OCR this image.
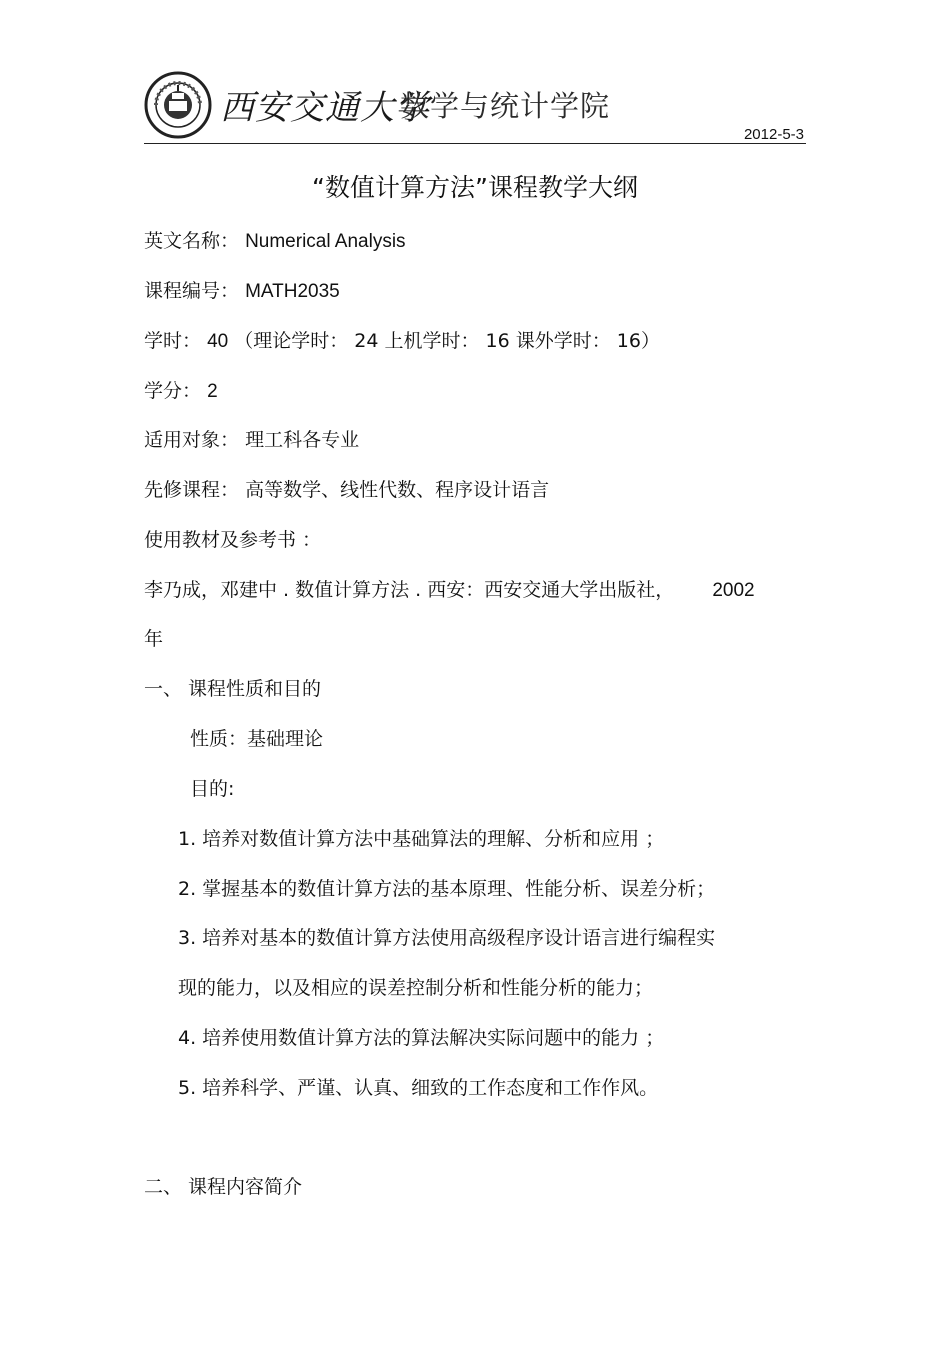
西安交通大学
数学与统计学院
2012-5-3
“数值计算方法”课程教学大纲
英文名称： Numerical Analysis
课程编号： MATH2035
学时： 40 （理论学时： 24 上机学时： 16 课外学时： 16）
学分： 2
适用对象： 理工科各专业
先修课程： 高等数学、线性代数、程序设计语言
使用教材及参考书 ：
李乃成，邓建中 . 数值计算方法 . 西安：西安交通大学出版社， 2002
年
一、 课程性质和目的
性质：基础理论
目的:
1. 培养对数值计算方法中基础算法的理解、分析和应用 ；
2. 掌握基本的数值计算方法的基本原理、性能分析、误差分析；
3. 培养对基本的数值计算方法使用高级程序设计语言进行编程实
现的能力，以及相应的误差控制分析和性能分析的能力；
4. 培养使用数值计算方法的算法解决实际问题中的能力 ；
5. 培养科学、严谨、认真、细致的工作态度和工作作风。
二、 课程内容简介
